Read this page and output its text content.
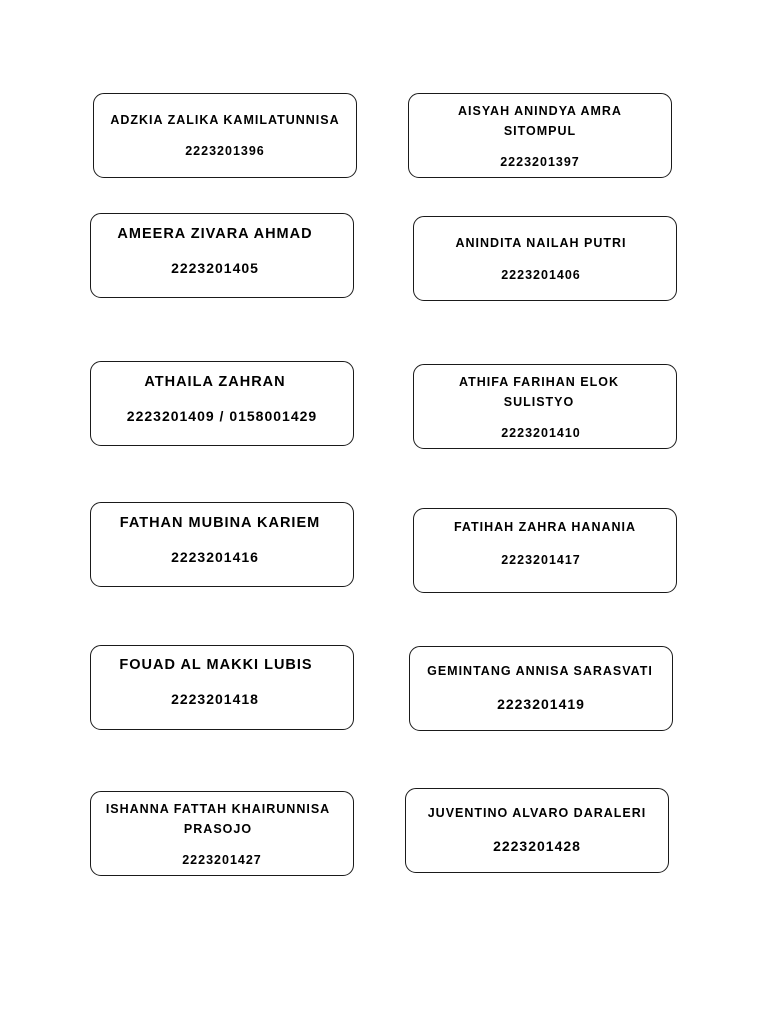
ADZKIA ZALIKA KAMILATUNNISA
2223201396
AISYAH ANINDYA AMRA SITOMPUL
2223201397
AMEERA ZIVARA AHMAD
2223201405
ANINDITA NAILAH PUTRI
2223201406
ATHAILA ZAHRAN
2223201409 / 0158001429
ATHIFA FARIHAN ELOK SULISTYO
2223201410
FATHAN MUBINA KARIEM
2223201416
FATIHAH ZAHRA HANANIA
2223201417
FOUAD AL MAKKI LUBIS
2223201418
GEMINTANG ANNISA SARASVATI
2223201419
ISHANNA FATTAH KHAIRUNNISA PRASOJO
2223201427
JUVENTINO ALVARO DARALERI
2223201428
